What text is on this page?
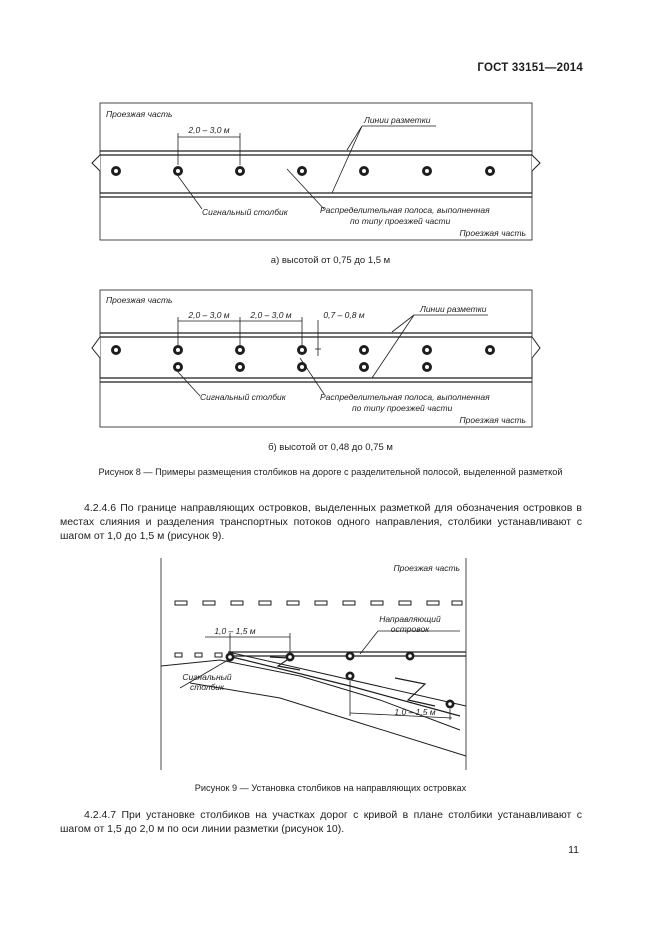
ГОСТ 33151—2014
Проезжая часть
2,0 – 3,0 м
Линии разметки
Сигнальный столбик	Распределительная полоса, выполненная
по типу проезжей части
Проезжая часть
а) высотой от 0,75 до 1,5 м
Проезжая часть
2,0 – 3,0 м 2,0 – 3,0 м	0,7 – 0,8 м
Линии разметки
Сигнальный столбик	Распределительная полоса, выполненная
по типу проезжей части
Проезжая часть
б) высотой от 0,48 до 0,75 м
Рисунок 8 — Примеры размещения столбиков на дороге с разделительной полосой, выделенной разметкой
4.2.4.6 По границе направляющих островков, выделенных разметкой для обозначения островков в местах слияния и разделения транспортных потоков одного направления, столбики устанавливают с шагом от 1,0 до 1,5 м (рисунок 9).
Проезжая часть
1,0 – 1,5 м
Направляющий
островок
Сигнальный
столбик
1,0 – 1,5 м
Рисунок 9 — Установка столбиков на направляющих островках
4.2.4.7 При установке столбиков на участках дорог с кривой в плане столбики устанавливают с шагом от 1,5 до 2,0 м по оси линии разметки (рисунок 10).
11
